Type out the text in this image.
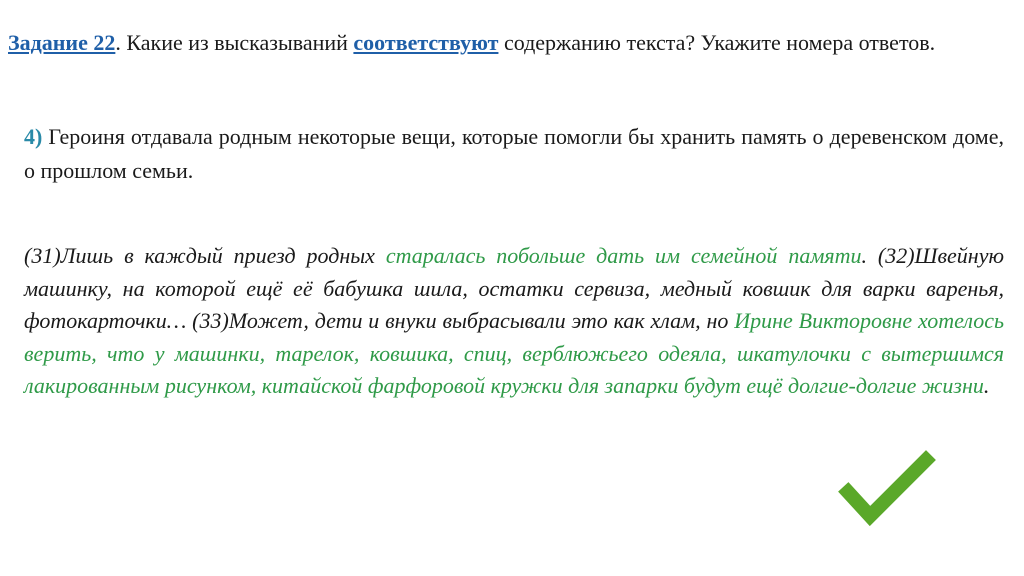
Задание 22. Какие из высказываний соответствуют содержанию текста? Укажите номера ответов.
4) Героиня отдавала родным некоторые вещи, которые помогли бы хранить память о деревенском доме, о прошлом семьи.
(31)Лишь в каждый приезд родных старалась побольше дать им семейной памяти. (32)Швейную машинку, на которой ещё её бабушка шила, остатки сервиза, медный ковшик для варки варенья, фотокарточки… (33)Может, дети и внуки выбрасывали это как хлам, но Ирине Викторовне хотелось верить, что у машинки, тарелок, ковшика, спиц, верблюжьего одеяла, шкатулочки с вытершимся лакированным рисунком, китайской фарфоровой кружки для запарки будут ещё долгие-долгие жизни.
